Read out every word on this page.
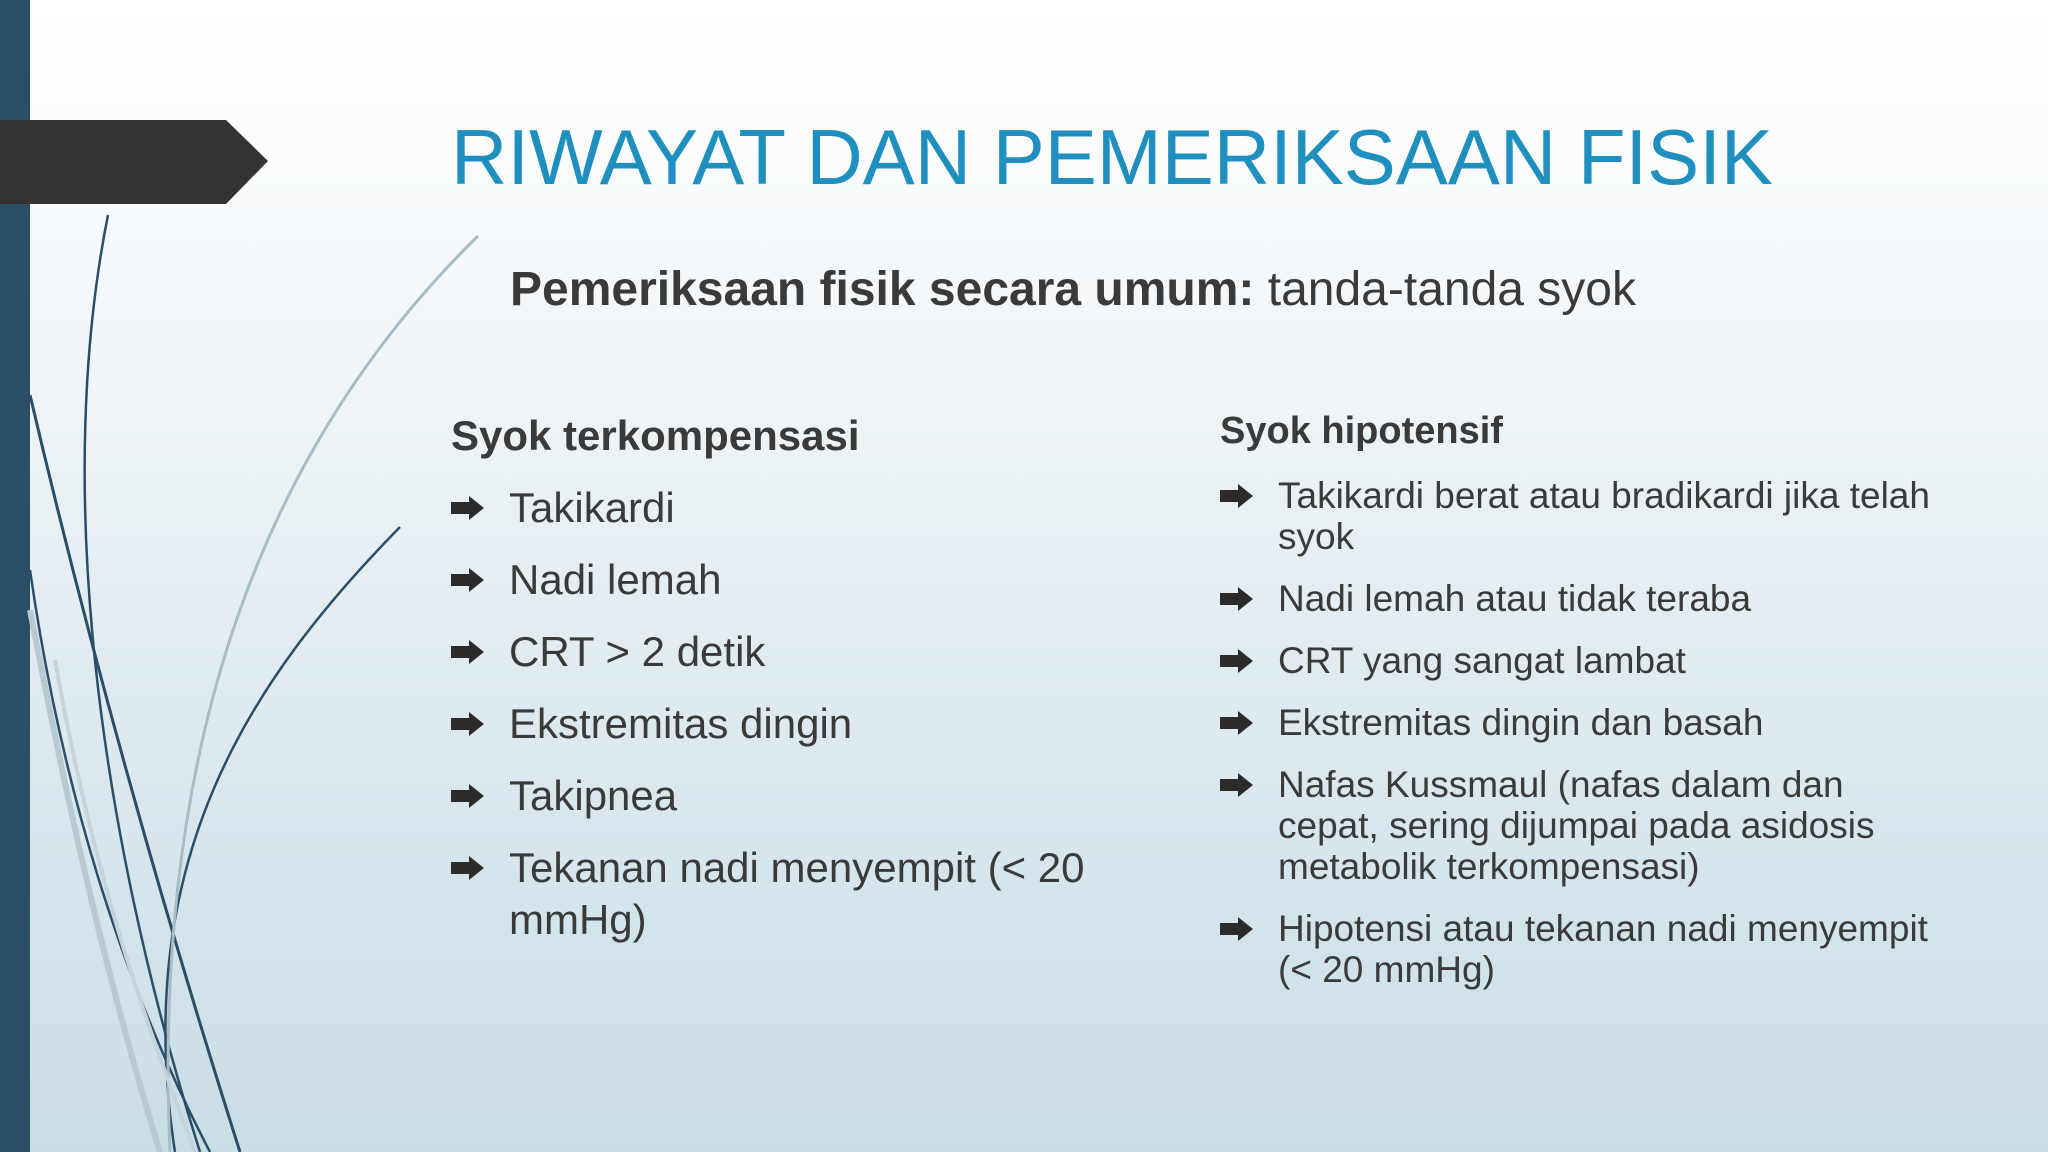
RIWAYAT DAN PEMERIKSAAN FISIK
Pemeriksaan fisik secara umum: tanda-tanda syok
Syok terkompensasi
Takikardi
Nadi lemah
CRT > 2 detik
Ekstremitas dingin
Takipnea
Tekanan nadi menyempit (< 20 mmHg)
Syok hipotensif
Takikardi berat atau bradikardi jika telah syok
Nadi lemah atau tidak teraba
CRT yang sangat lambat
Ekstremitas dingin dan basah
Nafas Kussmaul (nafas dalam dan cepat, sering dijumpai pada asidosis metabolik terkompensasi)
Hipotensi atau tekanan nadi menyempit (< 20 mmHg)
